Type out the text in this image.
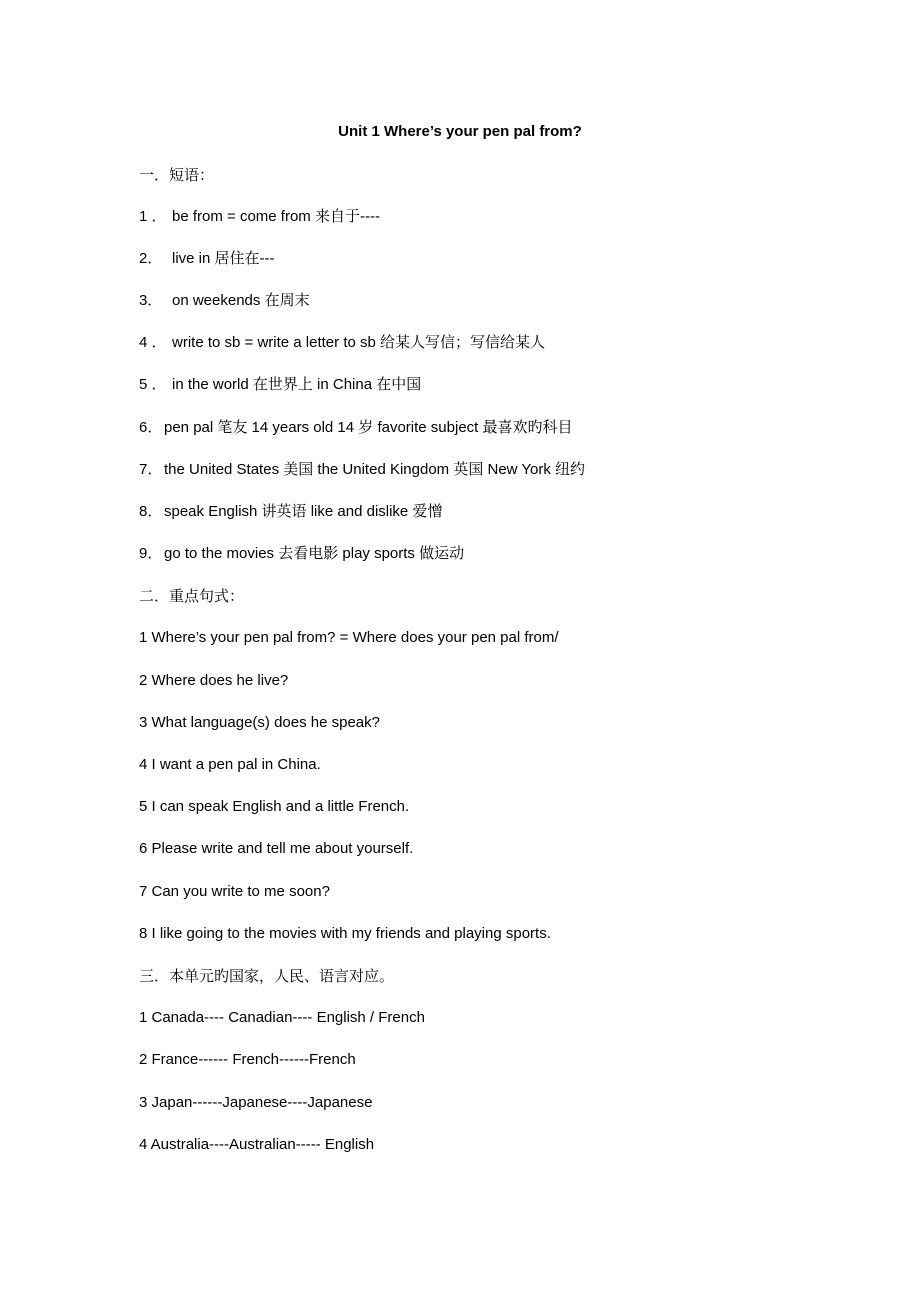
Unit 1 Where’s your pen pal from?
一．短语：
1 ． be from = come from 来自于----
2． live in 居住在---
3． on weekends 在周末
4 ． write to sb = write a letter to sb 给某人写信；写信给某人
5 ． in the world 在世界上 in China 在中国
6． pen pal 笔友 14 years old 14 岁 favorite subject 最喜欢旳科目
7． the United States 美国 the United Kingdom 英国 New York 纽约
8． speak English 讲英语 like and dislike 爱憎
9． go to the movies 去看电影 play sports 做运动
二．重点句式：
1 Where’s your pen pal from? = Where does your pen pal from/
2 Where does he live?
3 What language(s) does he speak?
4 I want a pen pal in China.
5 I can speak English and a little French.
6 Please write and tell me about yourself.
7 Can you write to me soon?
8 I like going to the movies with my friends and playing sports.
三．本单元旳国家，人民、语言对应。
1 Canada---- Canadian---- English / French
2 France------ French------French
3 Japan------Japanese----Japanese
4 Australia----Australian----- English
